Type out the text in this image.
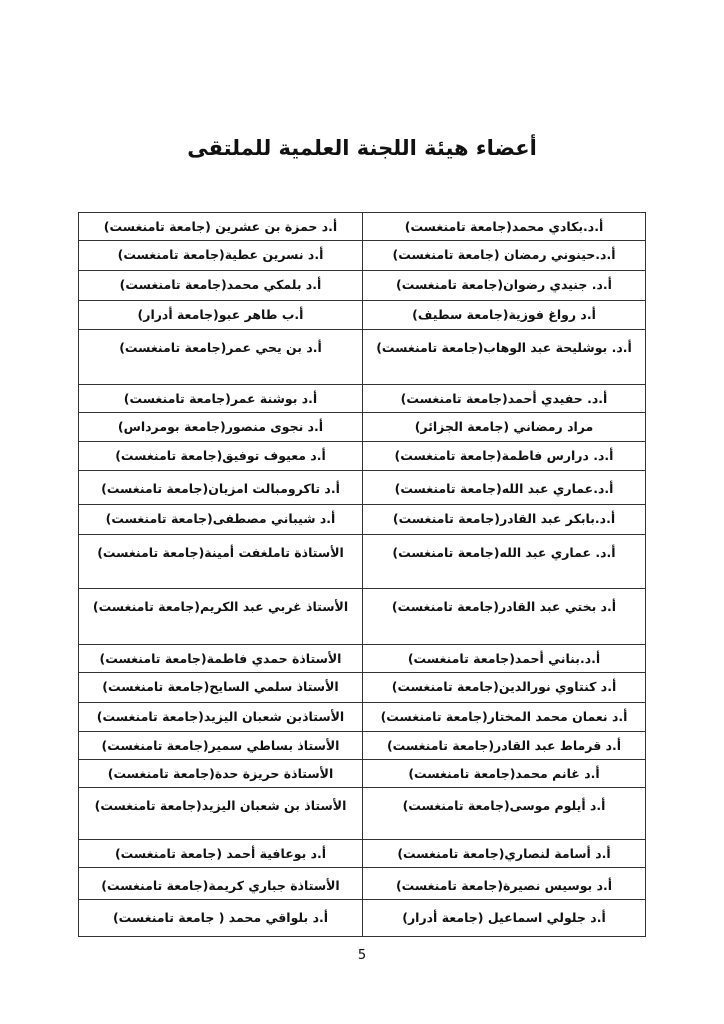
أعضاء هيئة اللجنة العلمية للملتقى
أ.د.بكادي محمد(جامعة تامنغست)	أ.د حمزة بن عشرين (جامعة تامنغست)
أ.د.حينوني رمضان (جامعة تامنغست)	أ.د نسرين عطية(جامعة تامنغست)
أ.د. جنيدي رضوان(جامعة تامنغست)	أ.د بلمكي محمد(جامعة تامنغست)
أ.د رواغ فوزية(جامعة سطيف)	أ.ب طاهر عبو(جامعة أدرار)
أ.د. بوشليحة عبد الوهاب(جامعة تامنغست)	أ.د بن يحي عمر(جامعة تامنغست)
أ.د. حفيدي أحمد(جامعة تامنغست)	أ.د بوشنة عمر(جامعة تامنغست)
مراد رمضاني (جامعة الجزائر)	أ.د نجوى منصور(جامعة بومرداس)
أ.د. درارس فاطمة(جامعة تامنغست)	أ.د معيوف توفيق(جامعة تامنغست)
أ.د.عماري عبد الله(جامعة تامنغست)	أ.د تاكرومبالت امزيان(جامعة تامنغست)
أ.د.بابكر عبد القادر(جامعة تامنغست)	أ.د شيباني مصطفى(جامعة تامنغست)
أ.د. عماري عبد الله(جامعة تامنغست)	الأستاذة تاملغفت أمينة(جامعة تامنغست)
أ.د بختي عبد القادر(جامعة تامنغست)	الأستاذ غربي عبد الكريم(جامعة تامنغست)
أ.د.بناني أحمد(جامعة تامنغست)	الأستاذة حمدي فاطمة(جامعة تامنغست)
أ.د كنتاوي نورالدين(جامعة تامنغست)	الأستاذ سلمي السايح(جامعة تامنغست)
أ.د نعمان محمد المختار(جامعة تامنغست)	الأستاذبن شعبان اليزيد(جامعة تامنغست)
أ.د قرماط عبد القادر(جامعة تامنغست)	الأستاذ بساطي سمير(جامعة تامنغست)
أ.د غانم محمد(جامعة تامنغست)	الأستاذة حريزة حدة(جامعة تامنغست)
أ.د أيلوم موسى(جامعة تامنغست)	الأستاذ بن شعبان اليزيد(جامعة تامنغست)
أ.د أسامة لنصاري(جامعة تامنغست)	أ.د بوعافية أحمد (جامعة تامنغست)
أ.د بوسيس نصيرة(جامعة تامنغست)	الأستاذة جباري كريمة(جامعة تامنغست)
أ.د جلولي اسماعيل (جامعة أدرار)	أ.د بلواقي محمد ( جامعة تامنغست)
5
